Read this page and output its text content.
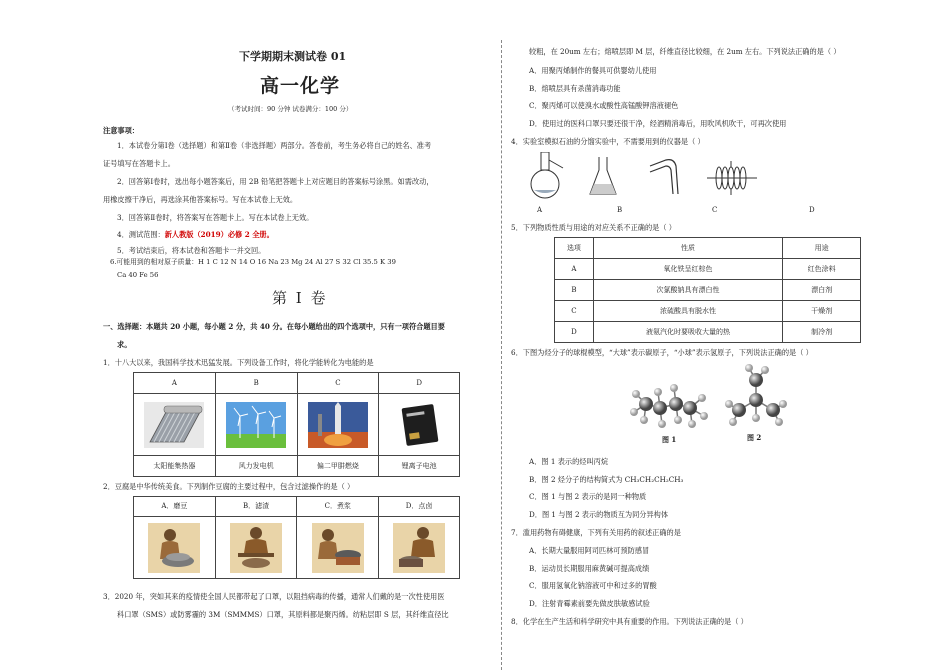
下学期期末测试卷 01
高一化学
（考试时间：90 分钟 试卷满分：100 分）
注意事项：
1．本试卷分第Ⅰ卷（选择题）和第Ⅱ卷（非选择题）两部分。答卷前，考生务必将自己的姓名、准考
证号填写在答题卡上。
2．回答第Ⅰ卷时，选出每小题答案后，用 2B 铅笔把答题卡上对应题目的答案标号涂黑。如需改动，
用橡皮擦干净后，再选涂其他答案标号。写在本试卷上无效。
3．回答第Ⅱ卷时，将答案写在答题卡上。写在本试卷上无效。
4．测试范围：新人教版（2019）必修 2 全册。
5．考试结束后，将本试卷和答题卡一并交回。
6.可能用到的相对原子质量：H 1 C 12 N 14 O 16 Na 23 Mg 24 Al 27 S 32 Cl 35.5 K 39
Ca 40 Fe 56
第 Ⅰ 卷
一、选择题：本题共 20 小题，每小题 2 分，共 40 分。在每小题给出的四个选项中，只有一项符合题目要
求。
1．十八大以来，我国科学技术迅猛发展。下列设备工作时，将化学能转化为电能的是
A	B	C	D

太阳能集热器	风力发电机	偏二甲肼燃烧	锂离子电池
2．豆腐是中华传统美食。下列制作豆腐的主要过程中，包含过滤操作的是（ ）
A．磨豆	B．滤渣	C．煮浆	D．点卤

3．2020 年，突如其来的疫情使全国人民都带起了口罩，以阻挡病毒的传播，通常人们戴的是一次性使用医
科口罩（SMS）或防雾霾的 3M（SMMMS）口罩，其原料都是聚丙烯。纺粘层即 S 层，其纤维直径比
较粗，在 20um 左右；熔喷层即 M 层，纤维直径比较细，在 2um 左右。下列说法正确的是（ ）
A．用聚丙烯制作的餐具可供婴幼儿使用
B．熔喷层具有杀菌消毒功能
C．聚丙烯可以使溴水或酸性高锰酸钾溶液褪色
D．使用过的医科口罩只要还很干净，经酒精消毒后，用吹风机吹干，可再次使用
4．实验室模拟石油的分馏实验中，不需要用到的仪器是（ ）
A	B	C	D
5．下列物质性质与用途的对应关系不正确的是（ ）
选项	性质	用途
A	氧化铁呈红棕色	红色涂料
B	次氯酸钠具有漂白性	漂白剂
C	浓硫酸具有脱水性	干燥剂
D	液氨汽化时要吸收大量的热	制冷剂
6．下图为烃分子的球棍模型，“大球”表示碳原子，“小球”表示氢原子，下列说法正确的是（ ）
图 1	图 2
A．图 1 表示的烃叫丙烷
B．图 2 烃分子的结构简式为 CH₃CH₂CH₂CH₃
C．图 1 与图 2 表示的是同一种物质
D．图 1 与图 2 表示的物质互为同分异构体
7．滥用药物有碍健康，下列有关用药的叙述正确的是
A．长期大量服用阿司匹林可预防感冒
B．运动员长期服用麻黄碱可提高成绩
C．服用氢氧化钠溶液可中和过多的胃酸
D．注射青霉素前要先做皮肤敏感试验
8．化学在生产生活和科学研究中具有重要的作用。下列说法正确的是（ ）
